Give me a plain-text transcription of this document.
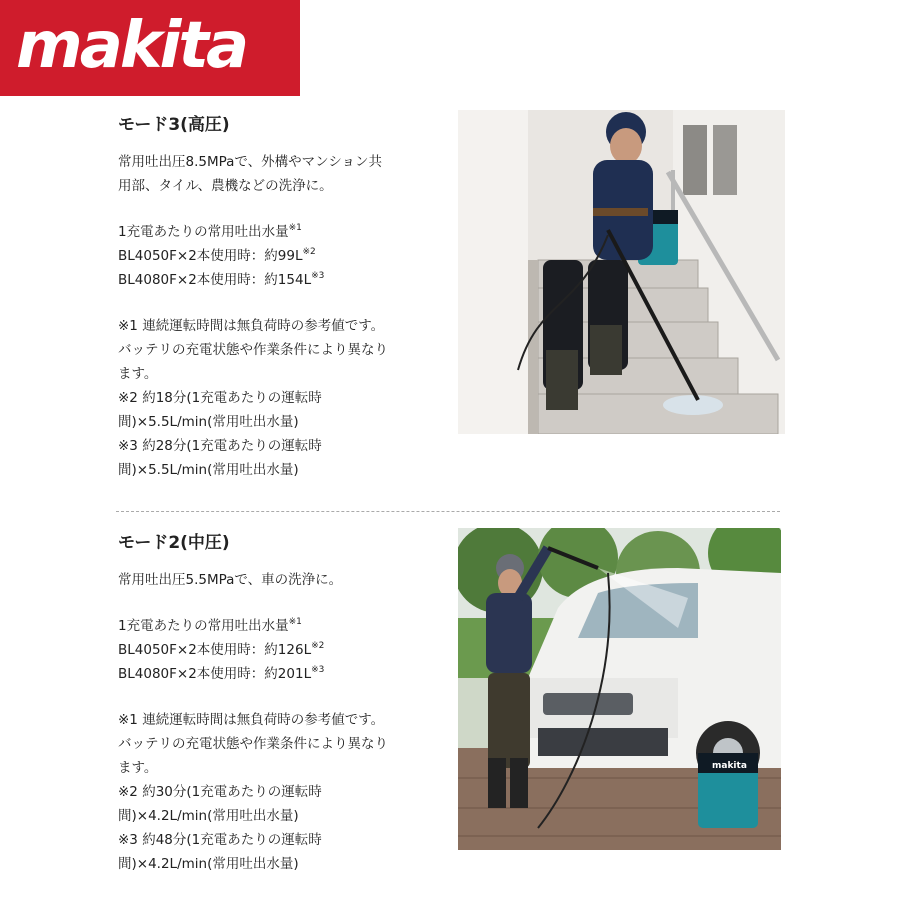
makita
モード3(高圧)
常用吐出圧8.5MPaで、外構やマンション共
用部、タイル、農機などの洗浄に。
1充電あたりの常用吐出水量$^{※1}$
BL4050F×2本使用時：約$99L^{※2}$
BL4080F×2本使用時：約$154L^{※3}$
※1 連続運転時間は無負荷時の参考値です。
バッテリの充電状態や作業条件により異なり
ます。
※2 約18分(1充電あたりの運転時
間)×5.5L/min(常用吐出水量)
※3 約28分(1充電あたりの運転時
間)×5.5L/min(常用吐出水量)
モード2(中圧)
常用吐出圧5.5MPaで、車の洗浄に。
1充電あたりの常用吐出水量$^{※1}$
BL4050F×2本使用時：約$126L^{※2}$
BL4080F×2本使用時：約$201L^{※3}$
※1 連続運転時間は無負荷時の参考値です。
バッテリの充電状態や作業条件により異なり
ます。
※2 約30分(1充電あたりの運転時
間)×4.2L/min(常用吐出水量)
※3 約48分(1充電あたりの運転時
間)×4.2L/min(常用吐出水量)
makita
